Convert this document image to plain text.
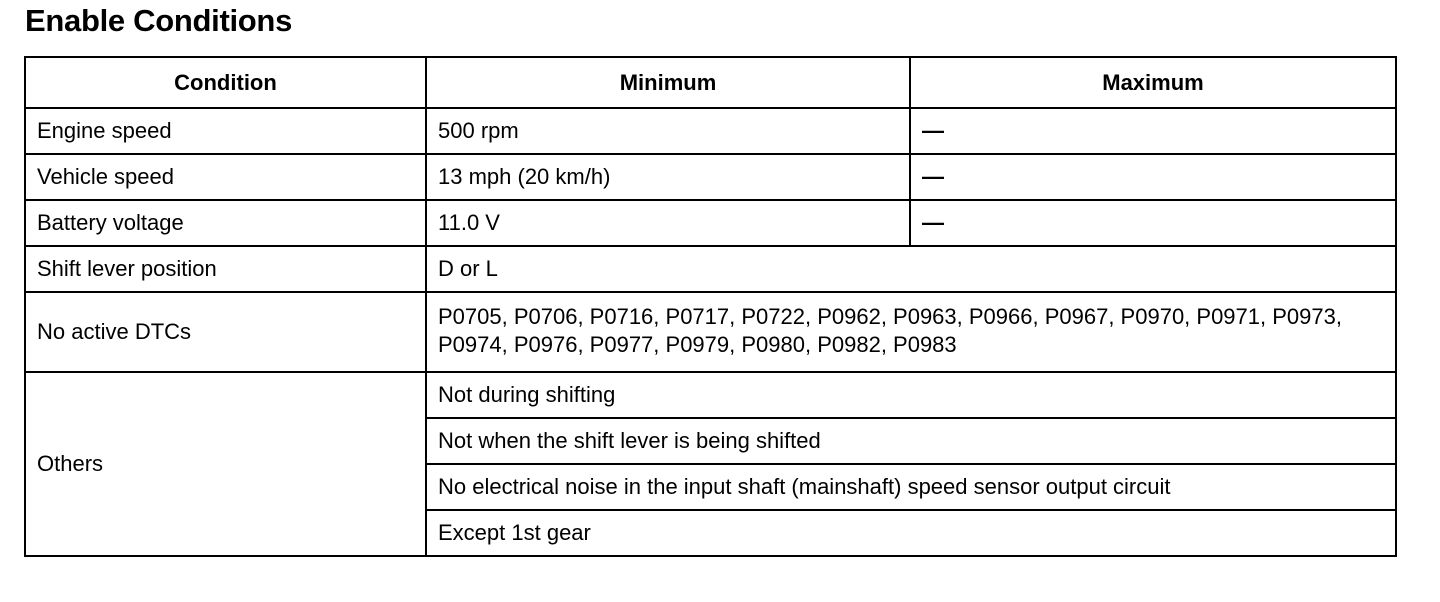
Enable Conditions
Condition	Minimum	Maximum
Engine speed	500 rpm	—
Vehicle speed	13 mph (20 km/h)	—
Battery voltage	11.0 V	—
Shift lever position	D or L	
No active DTCs	P0705, P0706, P0716, P0717, P0722, P0962, P0963, P0966, P0967, P0970, P0971, P0973, P0974, P0976, P0977, P0979, P0980, P0982, P0983	
Others	Not during shifting	
	Not when the shift lever is being shifted	
	No electrical noise in the input shaft (mainshaft) speed sensor output circuit	
	Except 1st gear	
